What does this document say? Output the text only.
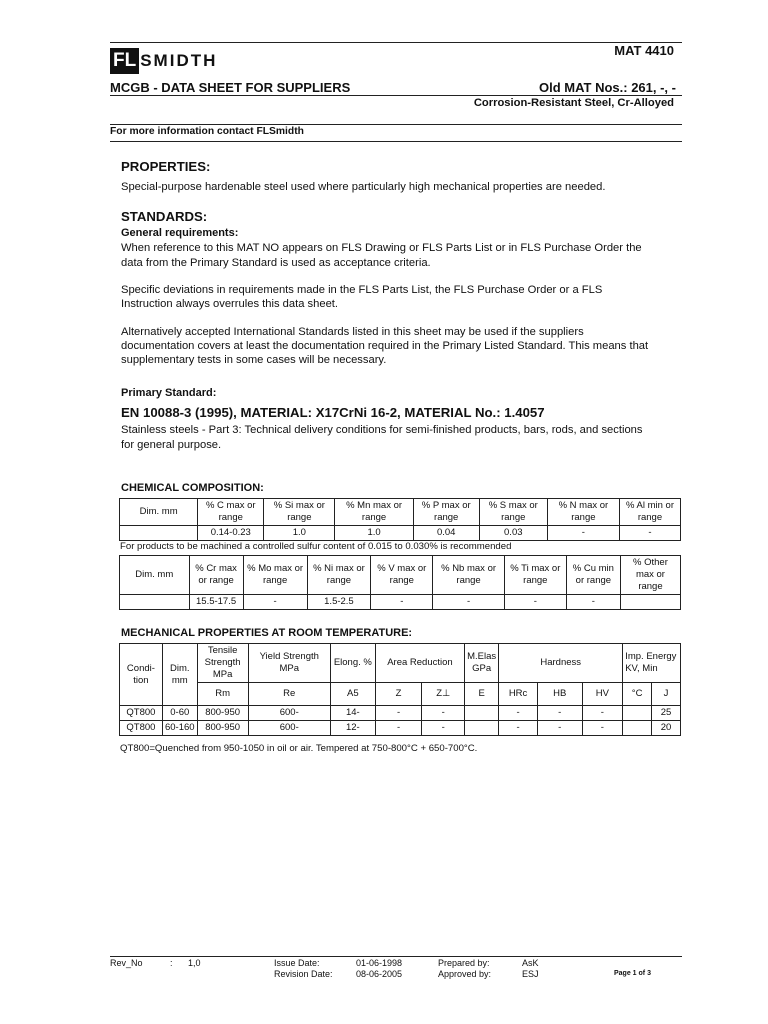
FL SMIDTH
MAT 4410
MCGB - DATA SHEET FOR SUPPLIERS	Old MAT Nos.: 261, -, -
Corrosion-Resistant Steel, Cr-Alloyed
For more information contact FLSmidth
PROPERTIES:
Special-purpose hardenable steel used where particularly high mechanical properties are needed.
STANDARDS:
General requirements:
When reference to this MAT NO appears on FLS Drawing or FLS Parts List or in FLS Purchase Order the
data from the Primary Standard is used as acceptance criteria.
Specific deviations in requirements made in the FLS Parts List, the FLS Purchase Order or a FLS
Instruction always overrules this data sheet.
Alternatively accepted International Standards listed in this sheet may be used if the suppliers
documentation covers at least the documentation required in the Primary Listed Standard. This means that
supplementary tests in some cases will be necessary.
Primary Standard:
EN 10088-3 (1995), MATERIAL: X17CrNi 16-2, MATERIAL No.: 1.4057
Stainless steels - Part 3: Technical delivery conditions for semi-finished products, bars, rods, and sections
for general purpose.
CHEMICAL COMPOSITION:
Dim. mm	% C max or range	% Si max or range	% Mn max or range	% P max or range	% S max or range	% N max or range	% Al min or range
	0.14-0.23	1.0	1.0	0.04	0.03	-	-
For products to be machined a controlled sulfur content of 0.015 to 0.030% is recommended
Dim. mm	% Cr max or range	% Mo max or range	% Ni max or range	% V max or range	% Nb max or range	% Ti max or range	% Cu min or range	% Other max or range
	15.5-17.5	-	1.5-2.5	-	-	-	-	
MECHANICAL PROPERTIES AT ROOM TEMPERATURE:
Condi-tion	Dim. mm	Tensile Strength MPa	Yield Strength MPa	Elong. %	Area Reduction		M.Elas GPa	Hardness			Imp. Energy KV, Min	
		Rm	Re	A5	Z	Z⊥	E	HRc	HB	HV	°C	J
QT800	0-60	800-950	600-	14-	-	-		-	-	-		25
QT800	60-160	800-950	600-	12-	-	-		-	-	-		20
QT800=Quenched from 950-1050 in oil or air. Tempered at 750-800°C + 650-700°C.
Rev_No	: 1,0	Issue Date:	01-06-1998
Revision Date:	08-06-2005
Prepared by:	AsK
Approved by:	ESJ	Page 1 of 3
